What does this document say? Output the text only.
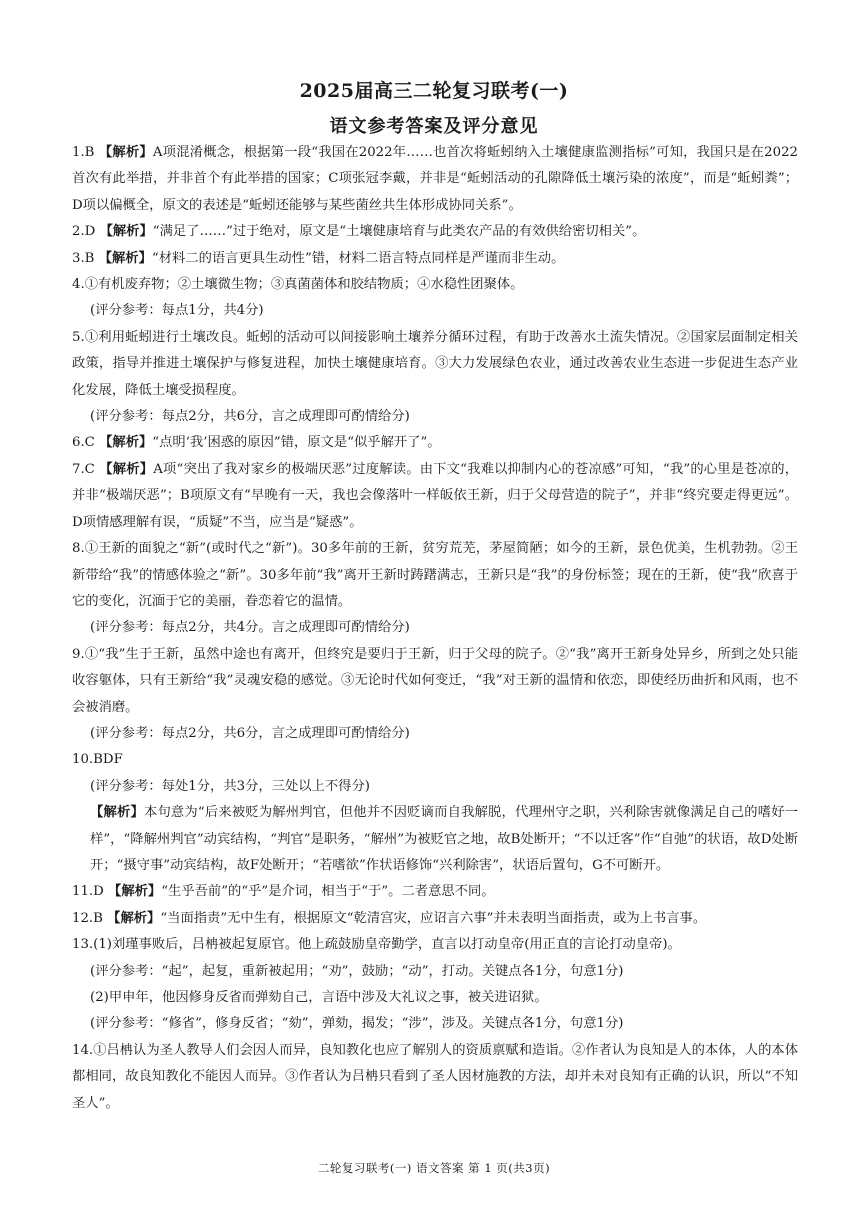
2025届高三二轮复习联考(一)
语文参考答案及评分意见

1.B 【解析】A项混淆概念，根据第一段“我国在2022年……也首次将蚯蚓纳入土壤健康监测指标”可知，我国只是在2022首次有此举措，并非首个有此举措的国家；C项张冠李戴，并非是“蚯蚓活动的孔隙降低土壤污染的浓度”，而是“蚯蚓粪”；D项以偏概全，原文的表述是“蚯蚓还能够与某些菌丝共生体形成协同关系”。

2.D 【解析】“满足了……”过于绝对，原文是“土壤健康培育与此类农产品的有效供给密切相关”。

3.B 【解析】“材料二的语言更具生动性”错，材料二语言特点同样是严谨而非生动。

4.①有机废弃物；②土壤微生物；③真菌菌体和胶结物质；④水稳性团聚体。

(评分参考：每点1分，共4分)

5.①利用蚯蚓进行土壤改良。蚯蚓的活动可以间接影响土壤养分循环过程，有助于改善水土流失情况。②国家层面制定相关政策，指导并推进土壤保护与修复进程，加快土壤健康培育。③大力发展绿色农业，通过改善农业生态进一步促进生态产业化发展，降低土壤受损程度。

(评分参考：每点2分，共6分，言之成理即可酌情给分)

6.C 【解析】“点明‘我’困惑的原因”错，原文是“似乎解开了”。

7.C 【解析】A项“突出了我对家乡的极端厌恶”过度解读。由下文“我难以抑制内心的苍凉感”可知，“我”的心里是苍凉的，并非“极端厌恶”；B项原文有“早晚有一天，我也会像落叶一样皈依王新，归于父母营造的院子”，并非“终究要走得更远”。D项情感理解有误，“质疑”不当，应当是“疑惑”。

8.①王新的面貌之“新”(或时代之“新”)。30多年前的王新，贫穷荒芜，茅屋简陋；如今的王新，景色优美，生机勃勃。②王新带给“我”的情感体验之“新”。30多年前“我”离开王新时踌躇满志，王新只是“我”的身份标签；现在的王新，使“我”欣喜于它的变化，沉湎于它的美丽，眷恋着它的温情。

(评分参考：每点2分，共4分。言之成理即可酌情给分)

9.①“我”生于王新，虽然中途也有离开，但终究是要归于王新，归于父母的院子。②“我”离开王新身处异乡，所到之处只能收容躯体，只有王新给“我”灵魂安稳的感觉。③无论时代如何变迁，“我”对王新的温情和依恋，即使经历曲折和风雨，也不会被消磨。

(评分参考：每点2分，共6分，言之成理即可酌情给分)

10.BDF

(评分参考：每处1分，共3分，三处以上不得分)

【解析】本句意为“后来被贬为解州判官，但他并不因贬谪而自我解脱，代理州守之职，兴利除害就像满足自己的嗜好一样”，“降解州判官”动宾结构，“判官”是职务，“解州”为被贬官之地，故B处断开；“不以迁客”作“自弛”的状语，故D处断开；“摄守事”动宾结构，故F处断开；“若嗜欲”作状语修饰“兴利除害”，状语后置句，G不可断开。

11.D 【解析】“生乎吾前”的“乎”是介词，相当于“于”。二者意思不同。

12.B 【解析】“当面指责”无中生有，根据原文“乾清宫灾，应诏言六事”并未表明当面指责，或为上书言事。

13.(1)刘瑾事败后，吕柟被起复原官。他上疏鼓励皇帝勤学，直言以打动皇帝(用正直的言论打动皇帝)。

(评分参考：“起”，起复，重新被起用；“劝”，鼓励；“动”，打动。关键点各1分，句意1分)

(2)甲申年，他因修身反省而弹劾自己，言语中涉及大礼议之事，被关进诏狱。

(评分参考：“修省”，修身反省；“劾”，弹劾，揭发；“涉”，涉及。关键点各1分，句意1分)

14.①吕柟认为圣人教导人们会因人而异，良知教化也应了解别人的资质禀赋和造诣。②作者认为良知是人的本体，人的本体都相同，故良知教化不能因人而异。③作者认为吕柟只看到了圣人因材施教的方法，却并未对良知有正确的认识，所以“不知圣人”。

二轮复习联考(一) 语文答案 第 1 页(共3页)
